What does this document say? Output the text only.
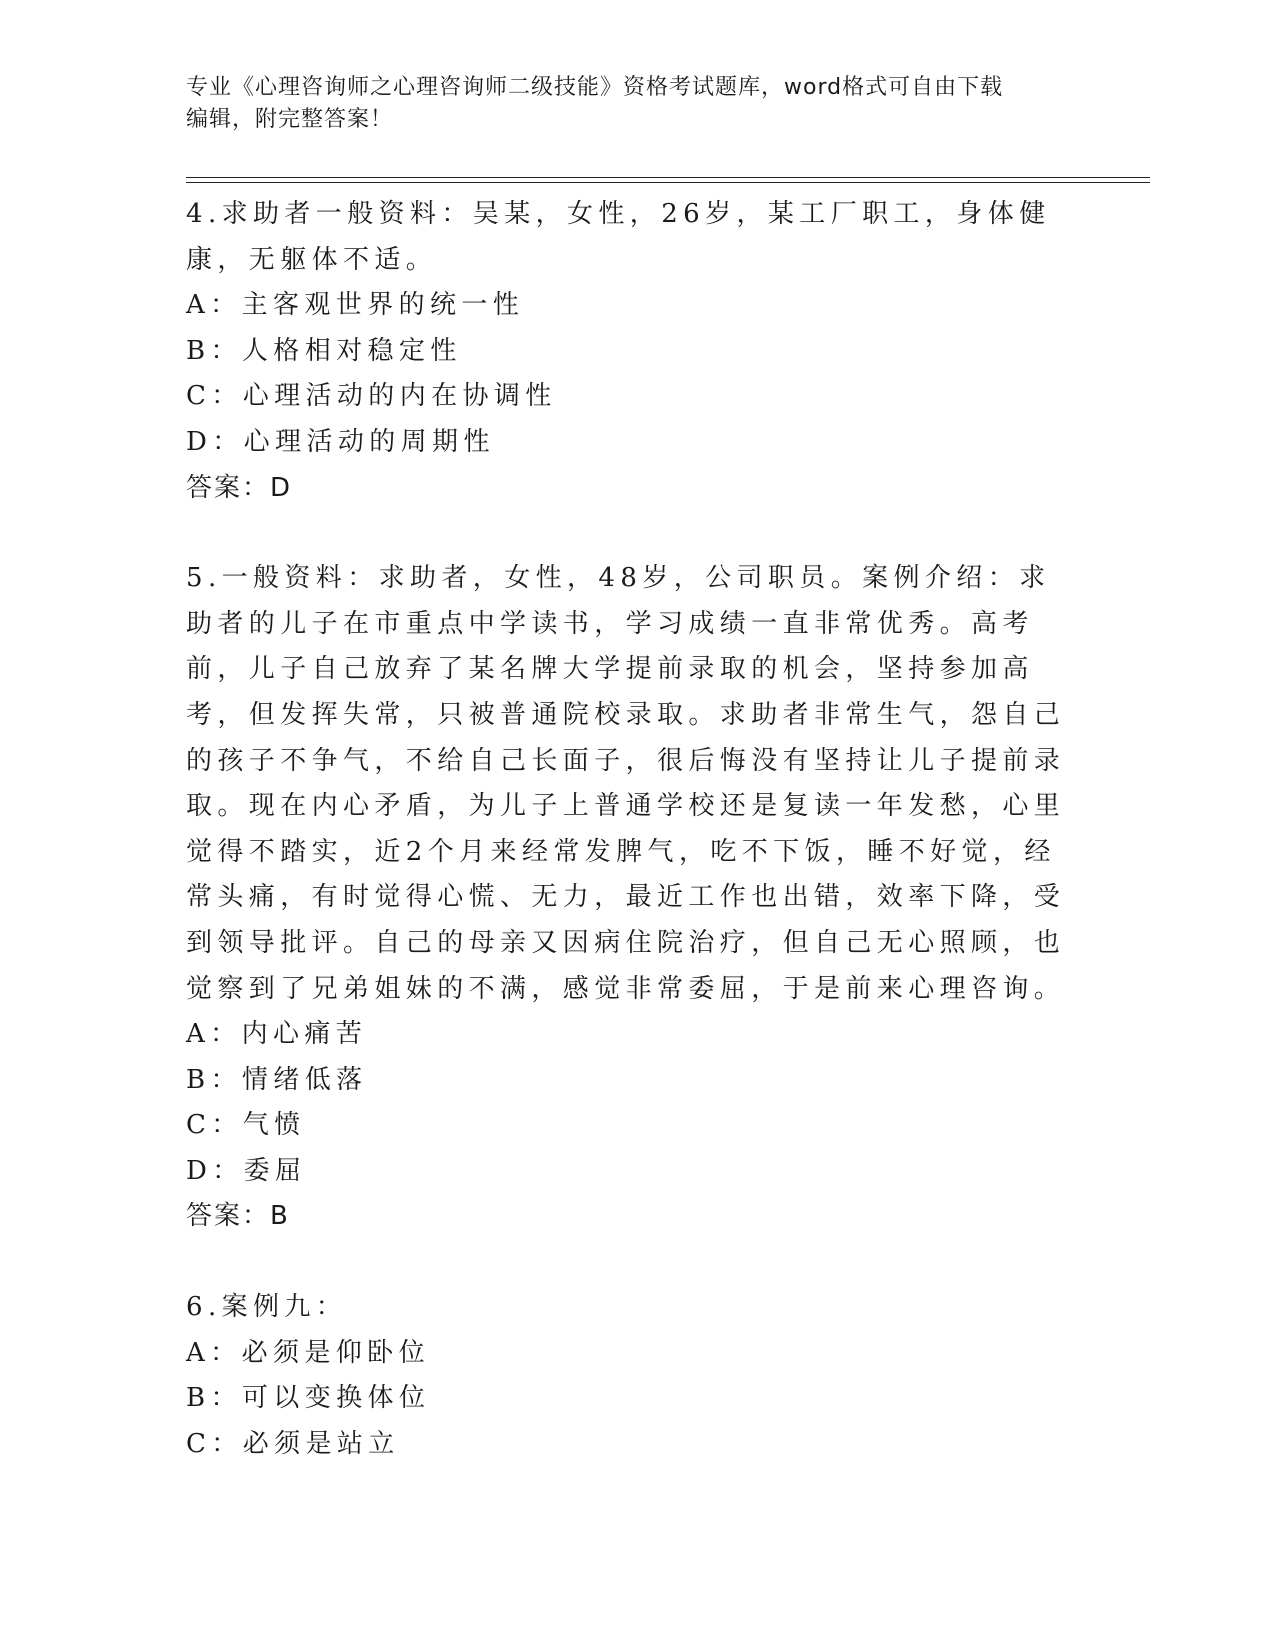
专业《心理咨询师之心理咨询师二级技能》资格考试题库，word格式可自由下载
编辑，附完整答案！

4.求助者一般资料：吴某，女性，26岁，某工厂职工，身体健康，无躯体不适。

A：主客观世界的统一性

B：人格相对稳定性

C：心理活动的内在协调性

D：心理活动的周期性

答案：D

5.一般资料：求助者，女性，48岁，公司职员。案例介绍：求助者的儿子在市重点中学读书，学习成绩一直非常优秀。高考前，儿子自己放弃了某名牌大学提前录取的机会，坚持参加高考，但发挥失常，只被普通院校录取。求助者非常生气，怨自己的孩子不争气，不给自己长面子，很后悔没有坚持让儿子提前录取。现在内心矛盾，为儿子上普通学校还是复读一年发愁，心里觉得不踏实，近2个月来经常发脾气，吃不下饭，睡不好觉，经常头痛，有时觉得心慌、无力，最近工作也出错，效率下降，受到领导批评。自己的母亲又因病住院治疗，但自己无心照顾，也觉察到了兄弟姐妹的不满，感觉非常委屈，于是前来心理咨询。

A：内心痛苦

B：情绪低落

C：气愤

D：委屈

答案：B

6.案例九：

A：必须是仰卧位

B：可以变换体位

C：必须是站立
